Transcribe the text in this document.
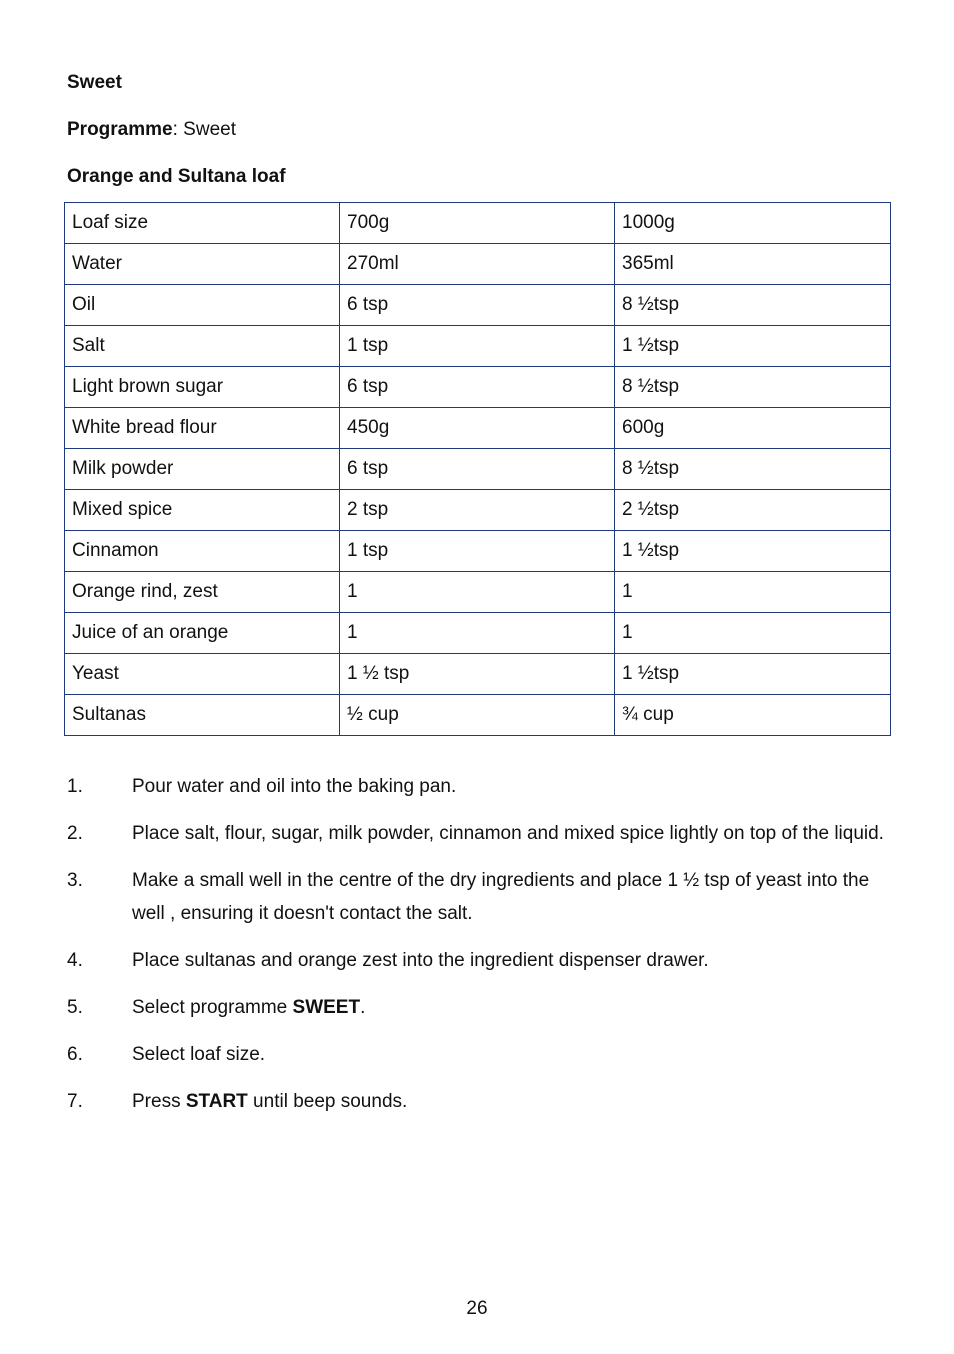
Sweet
Programme: Sweet
Orange and Sultana loaf
Loaf size	700g	1000g
Water	270ml	365ml
Oil	6 tsp	8 ½tsp
Salt	1 tsp	1 ½tsp
Light brown sugar	6 tsp	8 ½tsp
White bread flour	450g	600g
Milk powder	6 tsp	8 ½tsp
Mixed spice	2 tsp	2 ½tsp
Cinnamon	1 tsp	1 ½tsp
Orange rind, zest	1	1
Juice of an orange	1	1
Yeast	1 ½ tsp	1 ½tsp
Sultanas	½ cup	¾ cup
1.	Pour water and oil into the baking pan.
2.	Place salt, flour, sugar, milk powder, cinnamon and mixed spice lightly on top of the liquid.
3.	Make a small well in the centre of the dry ingredients and place 1 ½ tsp of yeast into the well , ensuring it doesn't contact the salt.
4.	Place sultanas and orange zest into the ingredient dispenser drawer.
5.	Select programme SWEET.
6.	Select loaf size.
7.	Press START until beep sounds.
26
